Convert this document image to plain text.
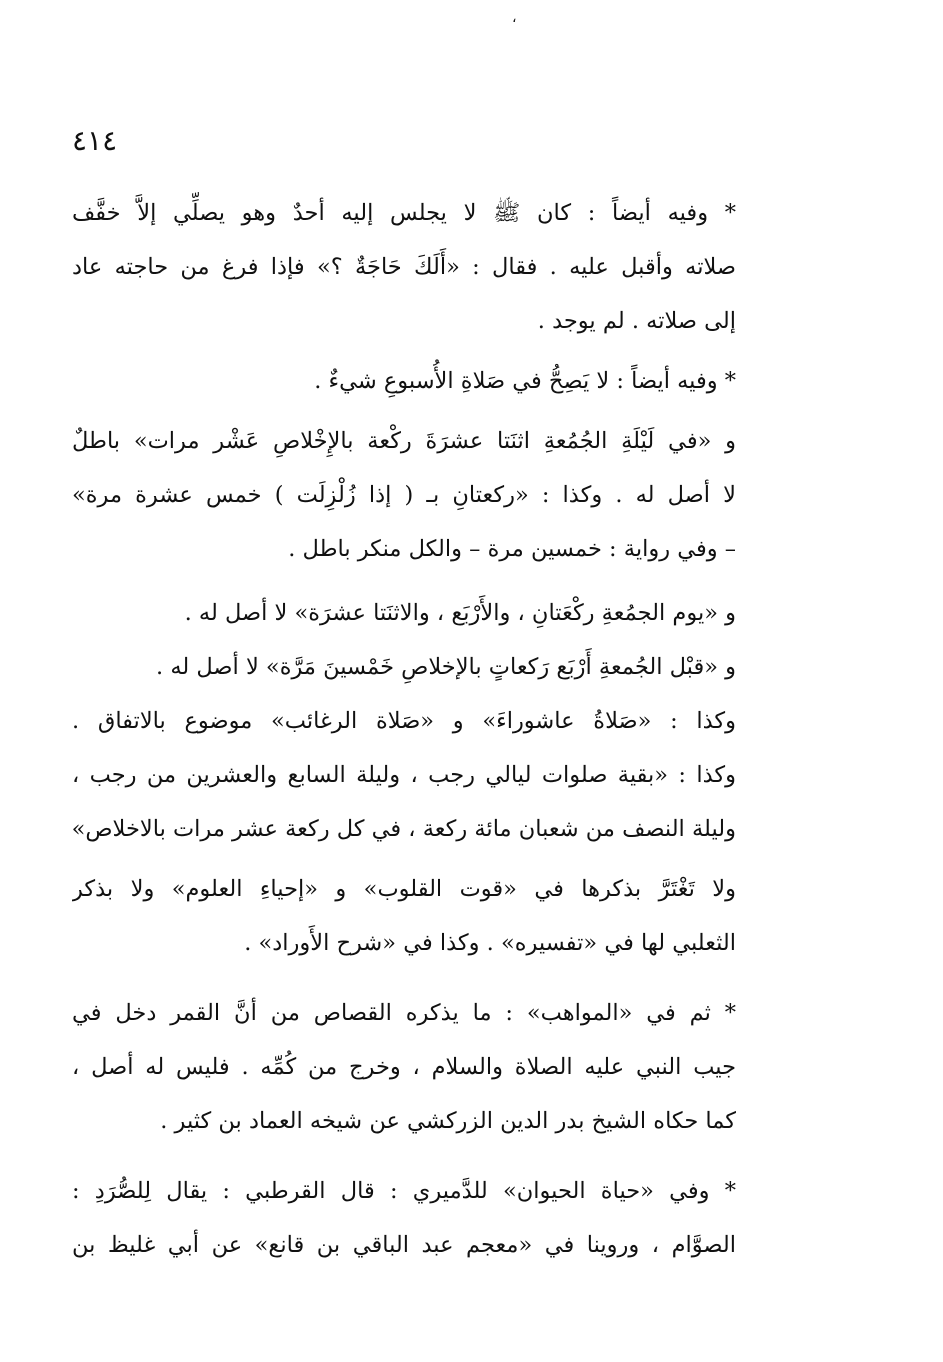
،
٤١٤
* وفيه أيضاً : كان ﷺ لا يجلس إليه أحدٌ وهو يصلِّي إلاَّ خفَّف
صلاته وأقبل عليه . فقال : «أَلَكَ حَاجَةٌ ؟» فإذا فرغ من حاجته عاد
إلى صلاته . لم يوجد .
* وفيه أيضاً : لا يَصِحُّ في صَلاةِ الأُسبوعِ شيءٌ .
و «في لَيْلَةِ الجُمُعةِ اثنَتا عشرَةَ ركْعة بالإِخْلاصِ عَشْر مرات» باطلٌ
لا أصل له . وكذا : «ركعتانِ بـ ( إذا زُلْزِلَت ) خمس عشرة مرة»
– وفي رواية : خمسين مرة – والكل منكر باطل .
و «يوم الجمُعةِ ركْعَتانِ ، والأَرْبَع ، والاثنَتا عشرَة» لا أصل له .
و «قبْل الجُمعةِ أَرْبَع رَكعاتٍ بالإخلاصِ خَمْسينَ مَرَّة» لا أصل له .
وكذا : «صَلاةُ عاشوراءَ» و «صَلاة الرغائب» موضوع بالاتفاق .
وكذا : «بقية صلوات ليالي رجب ، وليلة السابع والعشرين من رجب ،
وليلة النصف من شعبان مائة ركعة ، في كل ركعة عشر مرات بالاخلاص»
ولا تَغْتَرَّ بذكرها في «قوت القلوب» و «إحياءِ العلوم» ولا بذكر
الثعلبي لها في «تفسيره» . وكذا في «شرح الأَوراد» .
* ثم في «المواهب» : ما يذكره القصاص من أنَّ القمر دخل في
جيب النبي عليه الصلاة والسلام ، وخرج من كُمِّه . فليس له أصل ،
كما حكاه الشيخ بدر الدين الزركشي عن شيخه العماد بن كثير .
* وفي «حياة الحيوان» للدَّميري : قال القرطبي : يقال لِلصُّرَدِ :
الصوَّام ، وروينا في «معجم عبد الباقي بن قانع» عن أبي غليظ بن
